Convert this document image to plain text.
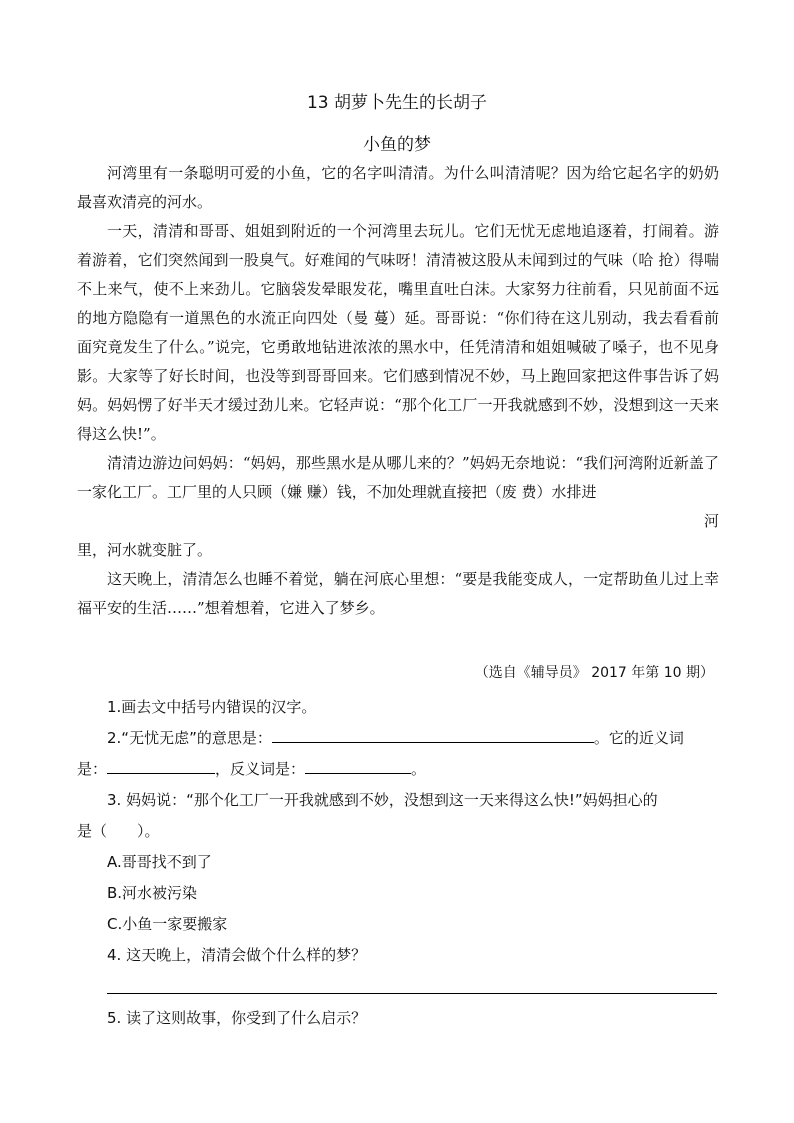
13 胡萝卜先生的长胡子
小鱼的梦

河湾里有一条聪明可爱的小鱼，它的名字叫清清。为什么叫清清呢？因为给它起名字的奶奶最喜欢清亮的河水。

一天，清清和哥哥、姐姐到附近的一个河湾里去玩儿。它们无忧无虑地追逐着，打闹着。游着游着，它们突然闻到一股臭气。好难闻的气味呀！清清被这股从未闻到过的气味（哈 抢）得喘不上来气，使不上来劲儿。它脑袋发晕眼发花，嘴里直吐白沫。大家努力往前看，只见前面不远的地方隐隐有一道黑色的水流正向四处（曼 蔓）延。哥哥说：“你们待在这儿别动，我去看看前面究竟发生了什么。”说完，它勇敢地钻进浓浓的黑水中，任凭清清和姐姐喊破了嗓子，也不见身影。大家等了好长时间，也没等到哥哥回来。它们感到情况不妙，马上跑回家把这件事告诉了妈妈。妈妈愣了好半天才缓过劲儿来。它轻声说：“那个化工厂一开我就感到不妙，没想到这一天来得这么快!”。

清清边游边问妈妈：“妈妈，那些黑水是从哪儿来的？”妈妈无奈地说：“我们河湾附近新盖了一家化工厂。工厂里的人只顾（嫌 赚）钱，不加处理就直接把（废 费）水排进

河

里，河水就变脏了。

这天晚上，清清怎么也睡不着觉，躺在河底心里想：“要是我能变成人，一定帮助鱼儿过上幸福平安的生活……”想着想着，它进入了梦乡。

（选自《辅导员》 2017 年第 10 期）
1.画去文中括号内错误的汉字。
2.“无忧无虑”的意思是：	。它的近义词
是：	，反义词是：	。
3. 妈妈说：“那个化工厂一开我就感到不妙，没想到这一天来得这么快!”妈妈担心的
是（　　）。
A.哥哥找不到了
B.河水被污染
C.小鱼一家要搬家
4. 这天晚上，清清会做个什么样的梦？
5. 读了这则故事，你受到了什么启示？
